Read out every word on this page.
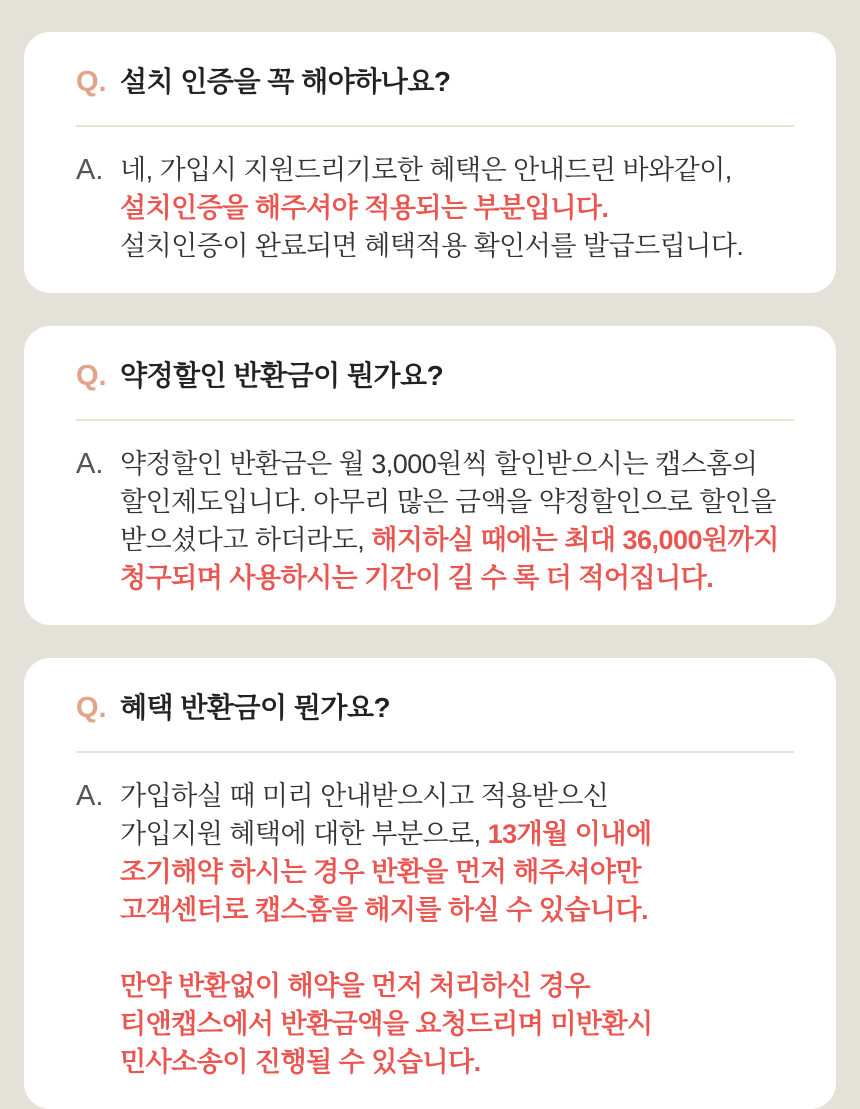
Q. 설치 인증을 꼭 해야하나요?
A. 네, 가입시 지원드리기로한 혜택은 안내드린 바와같이,
설치인증을 해주셔야 적용되는 부분입니다.
설치인증이 완료되면 혜택적용 확인서를 발급드립니다.

Q. 약정할인 반환금이 뭔가요?
A. 약정할인 반환금은 월 3,000원씩 할인받으시는 캡스홈의
할인제도입니다. 아무리 많은 금액을 약정할인으로 할인을
받으셨다고 하더라도, 해지하실 때에는 최대 36,000원까지
청구되며 사용하시는 기간이 길 수 록 더 적어집니다.

Q. 혜택 반환금이 뭔가요?
A. 가입하실 때 미리 안내받으시고 적용받으신
가입지원 혜택에 대한 부분으로, 13개월 이내에
조기해약 하시는 경우 반환을 먼저 해주셔야만
고객센터로 캡스홈을 해지를 하실 수 있습니다.

만약 반환없이 해약을 먼저 처리하신 경우
티앤캡스에서 반환금액을 요청드리며 미반환시
민사소송이 진행될 수 있습니다.
